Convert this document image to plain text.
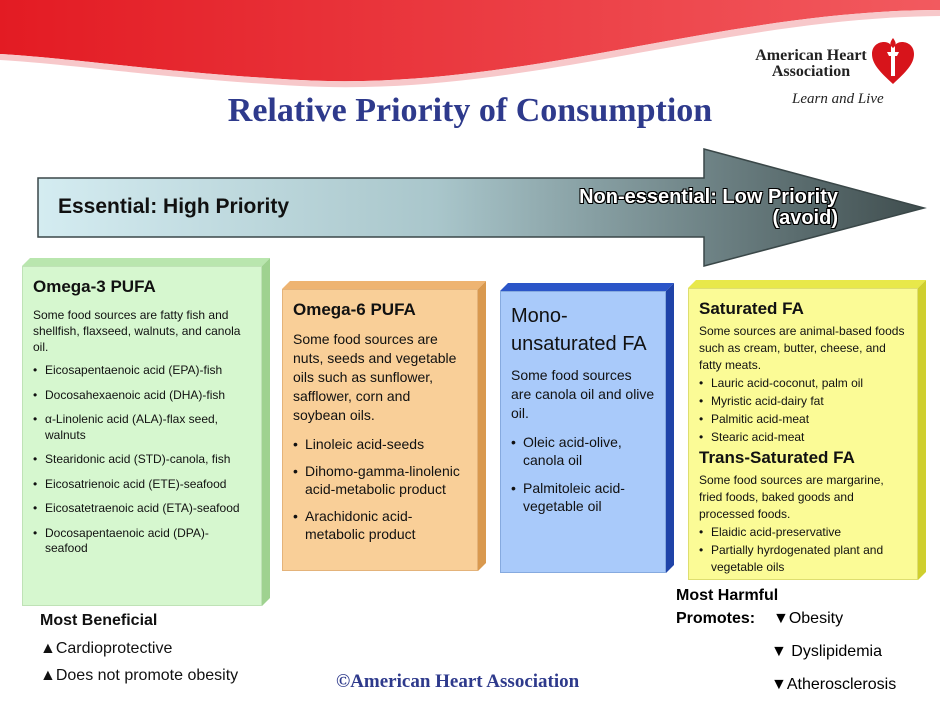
American Heart
Association
Learn and Live
Relative Priority of Consumption
Essential: High Priority	Non-essential: Low Priority
(avoid)
Omega-3 PUFA
Some food sources are fatty fish and shellfish, flaxseed, walnuts, and canola oil.
• Eicosapentaenoic acid (EPA)-fish
• Docosahexaenoic acid (DHA)-fish
• α-Linolenic acid (ALA)-flax seed, walnuts
• Stearidonic acid (STD)-canola, fish
• Eicosatrienoic acid (ETE)-seafood
• Eicosatetraenoic acid (ETA)-seafood
• Docosapentaenoic acid (DPA)-seafood
Omega-6 PUFA
Some food sources are nuts, seeds and vegetable oils such as sunflower, safflower, corn and soybean oils.
• Linoleic acid-seeds
• Dihomo-gamma-linolenic acid-metabolic product
• Arachidonic acid-metabolic product
Mono-unsaturated FA
Some food sources are canola oil and olive oil.
• Oleic acid-olive, canola oil
• Palmitoleic acid-vegetable oil
Saturated FA
Some sources are animal-based foods such as cream, butter, cheese, and fatty meats.
• Lauric acid-coconut, palm oil
• Myristic acid-dairy fat
• Palmitic acid-meat
• Stearic acid-meat
Trans-Saturated FA
Some food sources are margarine, fried foods, baked goods and processed foods.
• Elaidic acid-preservative
• Partially hyrdogenated plant and vegetable oils
Most Beneficial
▲Cardioprotective
▲Does not promote obesity	©American Heart Association
Most Harmful
Promotes: ▼Obesity
▼ Dyslipidemia
▼Atherosclerosis
